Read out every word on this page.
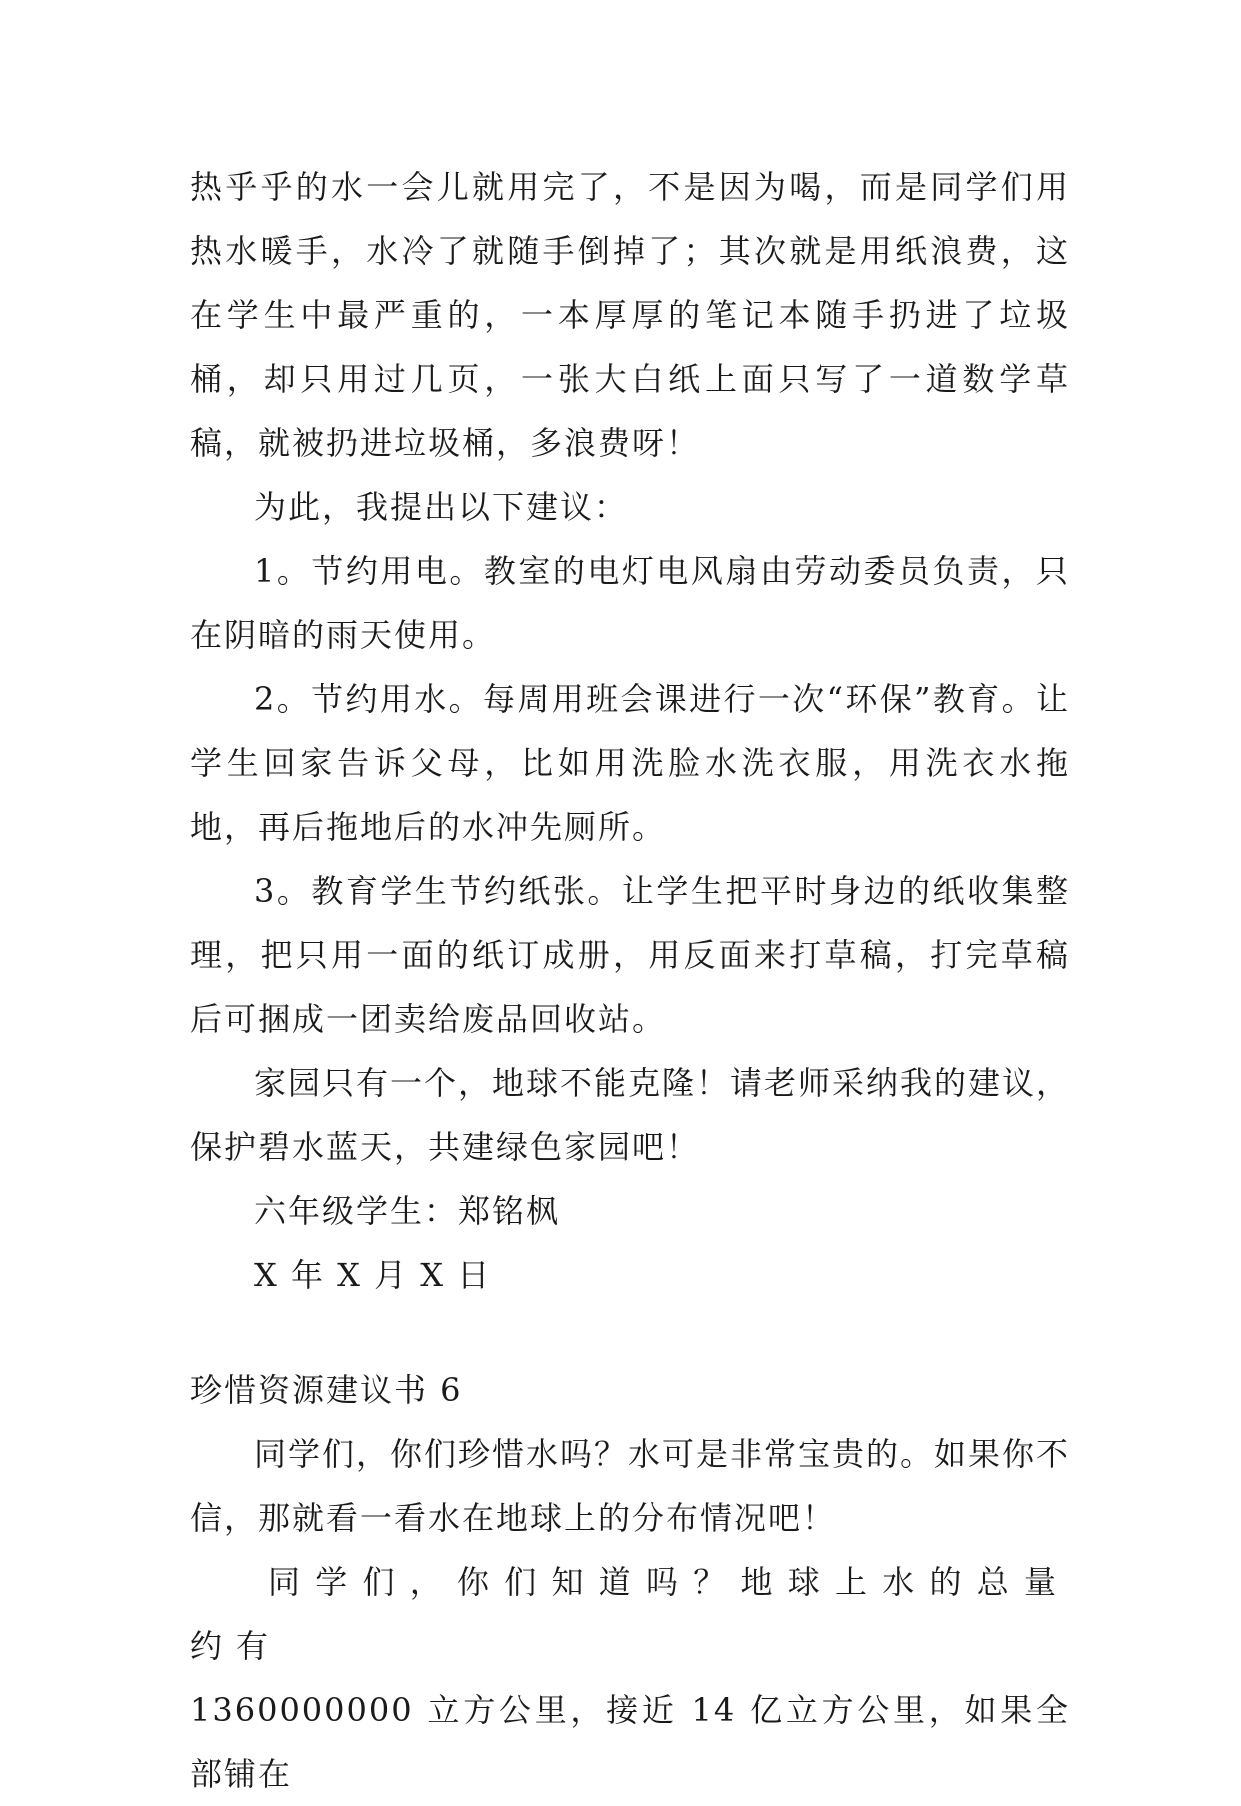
热乎乎的水一会儿就用完了，不是因为喝，而是同学们用热水暖手，水冷了就随手倒掉了；其次就是用纸浪费，这在学生中最严重的，一本厚厚的笔记本随手扔进了垃圾桶，却只用过几页，一张大白纸上面只写了一道数学草稿，就被扔进垃圾桶，多浪费呀！

为此，我提出以下建议：

1。节约用电。教室的电灯电风扇由劳动委员负责，只在阴暗的雨天使用。

2。节约用水。每周用班会课进行一次“环保”教育。让学生回家告诉父母，比如用洗脸水洗衣服，用洗衣水拖地，再后拖地后的水冲先厕所。

3。教育学生节约纸张。让学生把平时身边的纸收集整理，把只用一面的纸订成册，用反面来打草稿，打完草稿后可捆成一团卖给废品回收站。

家园只有一个，地球不能克隆！请老师采纳我的建议，保护碧水蓝天，共建绿色家园吧！

六年级学生：郑铭枫

X 年 X 月 X 日

珍惜资源建议书 6

同学们，你们珍惜水吗？水可是非常宝贵的。如果你不信，那就看一看水在地球上的分布情况吧！

同学们，你们知道吗？地球上水的总量约有

1360000000 立方公里，接近 14 亿立方公里，如果全部铺在
